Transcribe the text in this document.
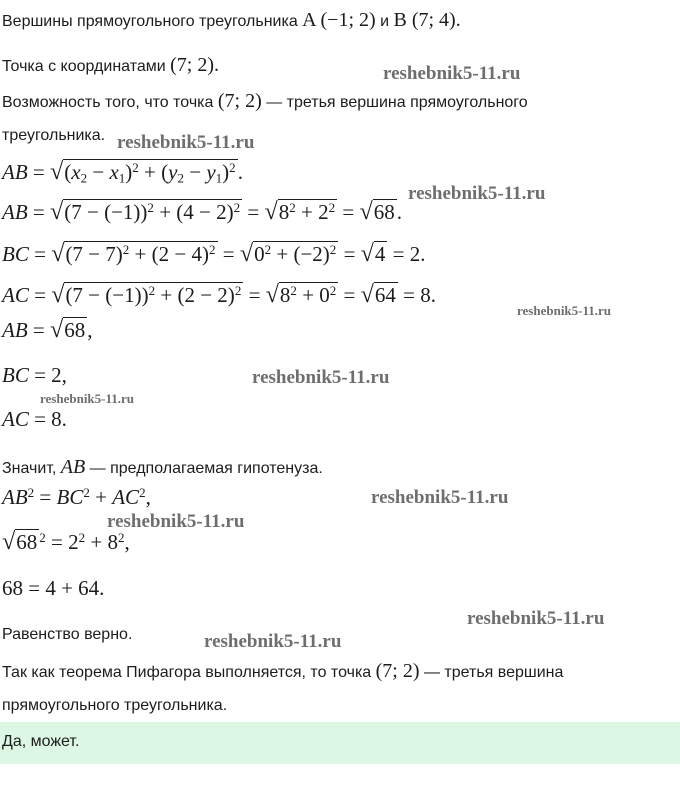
Вершины прямоугольного треугольника A (−1; 2) и B (7; 4).
Точка с координатами (7; 2).
Возможность того, что точка (7; 2) — третья вершина прямоугольного
треугольника.
AB = $√(x_2 - x_1)^2 + (y_2 - y_1)^2$.
AB = $√(7 - (-1))^2 + (4 - 2)^2 = √8^2 + 2^2 = √68$.
BC = $√(7 - 7)^2 + (2 - 4)^2 = √0^2 + (-2)^2 = √4 = 2$.
AC = $√(7 - (-1))^2 + (2 - 2)^2 = √8^2 + 0^2 = √64 = 8$.
AB = √68,
BC = 2,
AC = 8.
Значит, AB — предполагаемая гипотенуза.
$AB^2 = BC^2 + AC^2$,
√68 $^2 = 2^2 + 8^2$,
68 = 4 + 64.
Равенство верно.
Так как теорема Пифагора выполняется, то точка (7; 2) — третья вершина
прямоугольного треугольника.
Да, может.
reshebnik5-11.ru
reshebnik5-11.ru
reshebnik5-11.ru
reshebnik5-11.ru
reshebnik5-11.ru
reshebnik5-11.ru
reshebnik5-11.ru
reshebnik5-11.ru
reshebnik5-11.ru
reshebnik5-11.ru
